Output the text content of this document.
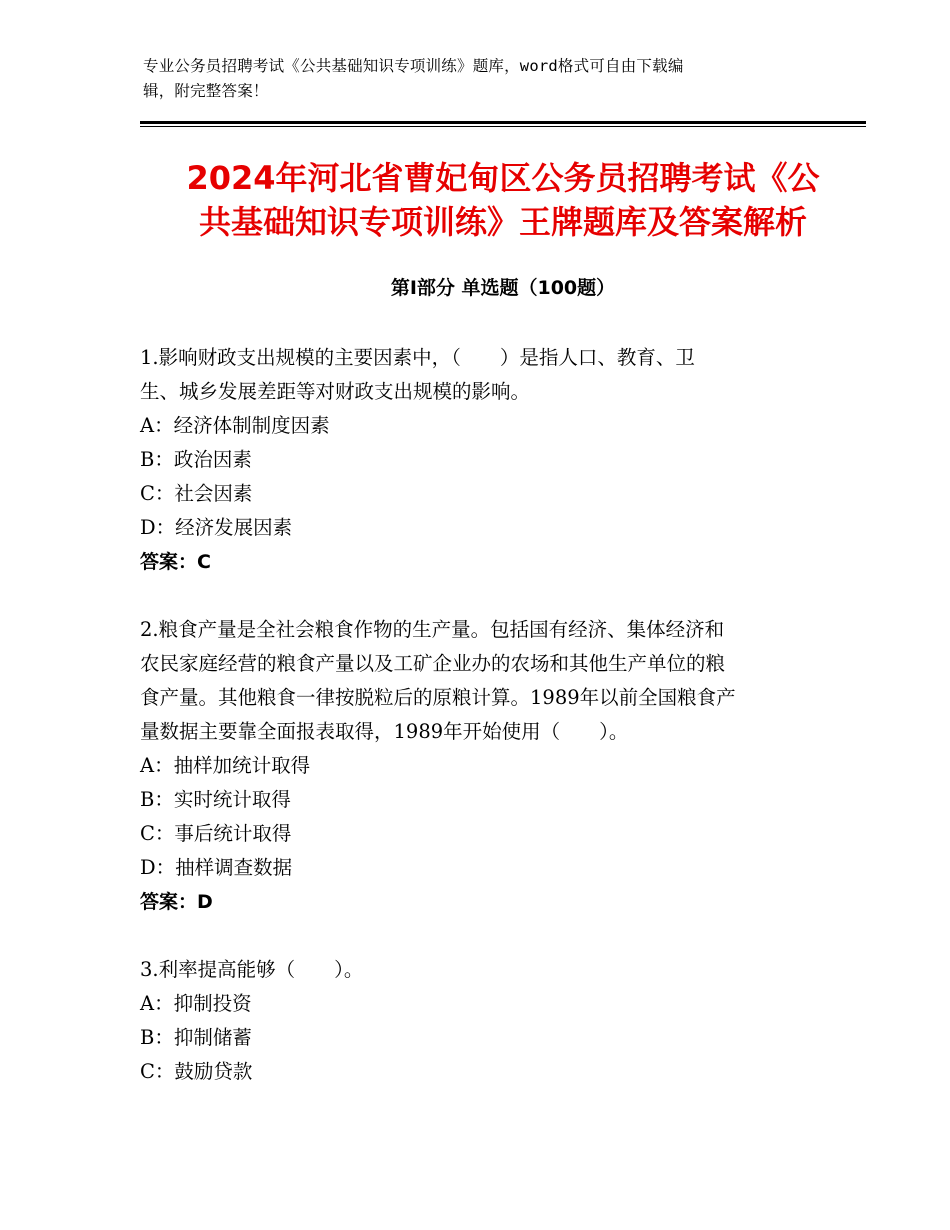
专业公务员招聘考试《公共基础知识专项训练》题库，word格式可自由下载编
辑，附完整答案！
2024年河北省曹妃甸区公务员招聘考试《公
共基础知识专项训练》王牌题库及答案解析
第Ⅰ部分 单选题（100题）
1.影响财政支出规模的主要因素中，（　　）是指人口、教育、卫
生、城乡发展差距等对财政支出规模的影响。
A：经济体制制度因素
B：政治因素
C：社会因素
D：经济发展因素
答案：C
2.粮食产量是全社会粮食作物的生产量。包括国有经济、集体经济和
农民家庭经营的粮食产量以及工矿企业办的农场和其他生产单位的粮
食产量。其他粮食一律按脱粒后的原粮计算。1989年以前全国粮食产
量数据主要靠全面报表取得，1989年开始使用（　　）。
A：抽样加统计取得
B：实时统计取得
C：事后统计取得
D：抽样调查数据
答案：D
3.利率提高能够（　　）。
A：抑制投资
B：抑制储蓄
C：鼓励贷款
